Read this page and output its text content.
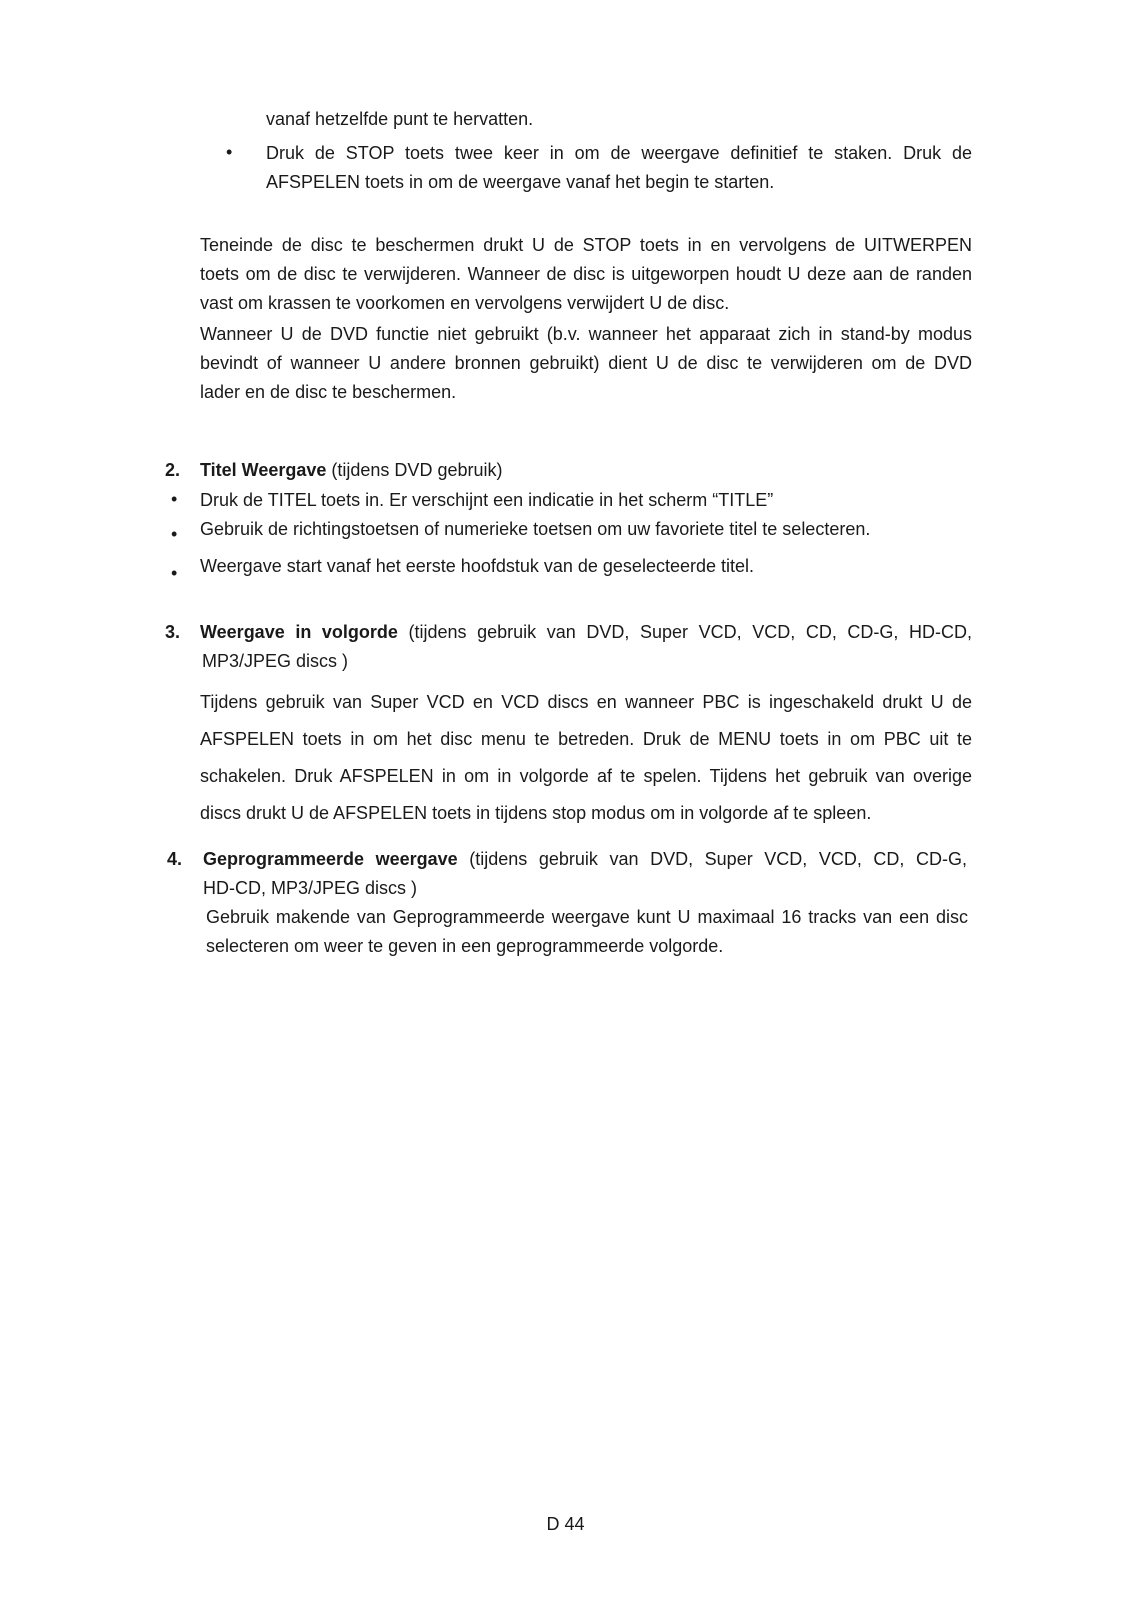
vanaf hetzelfde punt te hervatten.
• Druk de STOP toets twee keer in om de weergave definitief te staken. Druk de
AFSPELEN toets in om de weergave vanaf het begin te starten.
Teneinde de disc te beschermen drukt U de STOP toets in en vervolgens de UITWERPEN
toets om de disc te verwijderen. Wanneer de disc is uitgeworpen houdt U deze aan de randen
vast om krassen te voorkomen en vervolgens verwijdert U de disc.
Wanneer U de DVD functie niet gebruikt (b.v. wanneer het apparaat zich in stand-by modus
bevindt of wanneer U andere bronnen gebruikt) dient U de disc te verwijderen om de DVD
lader en de disc te beschermen.
2. Titel Weergave (tijdens DVD gebruik)
• Druk de TITEL toets in. Er verschijnt een indicatie in het scherm “TITLE”
• Gebruik de richtingstoetsen of numerieke toetsen om uw favoriete titel te selecteren.
• Weergave start vanaf het eerste hoofdstuk van de geselecteerde titel.
3. Weergave in volgorde (tijdens gebruik van DVD, Super VCD, VCD, CD, CD-G, HD-CD,
MP3/JPEG discs )
Tijdens gebruik van Super VCD en VCD discs en wanneer PBC is ingeschakeld drukt U de
AFSPELEN toets in om het disc menu te betreden. Druk de MENU toets in om PBC uit te
schakelen. Druk AFSPELEN in om in volgorde af te spelen. Tijdens het gebruik van overige
discs drukt U de AFSPELEN toets in tijdens stop modus om in volgorde af te spleen.
4. Geprogrammeerde weergave (tijdens gebruik van DVD, Super VCD, VCD, CD, CD-G,
HD-CD, MP3/JPEG discs )
Gebruik makende van Geprogrammeerde weergave kunt U maximaal 16 tracks van een disc
selecteren om weer te geven in een geprogrammeerde volgorde.
D 44
